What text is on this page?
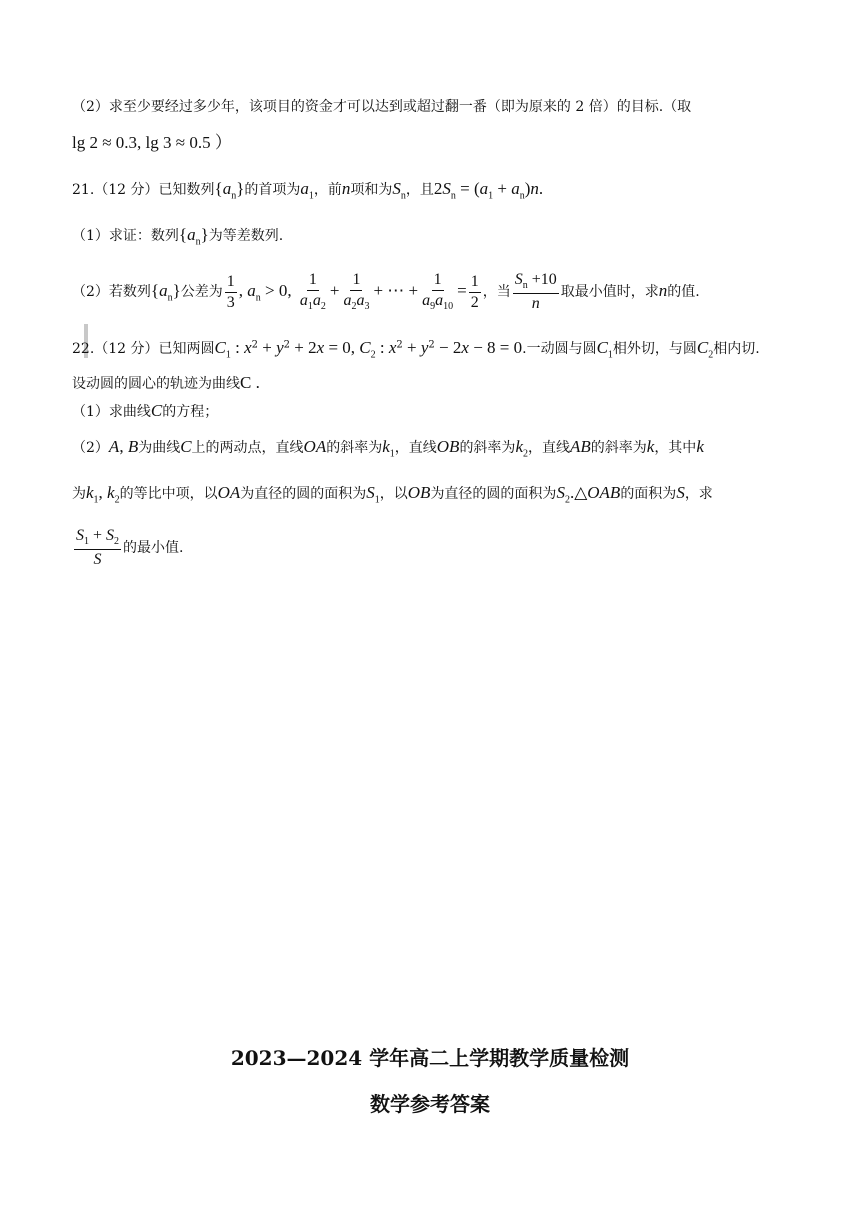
（2）求至少要经过多少年，该项目的资金才可以达到或超过翻一番（即为原来的 2 倍）的目标.（取
lg 2 ≈ 0.3, lg 3 ≈ 0.5 ）
21.（12 分）已知数列$\{a_n\}$的首项为$a_1$，前n项和为$S_n$，且$2S_n = (a_1 + a_n)n$.
（1）求证：数列$\{a_n\}$为等差数列.
（2）若数列$\{a_n\}$公差为 $\frac{1}{3}$ , $a_n > 0$, $\frac{1}{a_1a_2} + \frac{1}{a_2a_3}$ + ⋯ + $\frac{1}{a_9a_{10}} = \frac{1}{2}$ ，当 $\frac{S_n +10}{n}$ 取最小值时，求n的值.
22.（12 分）已知两圆$C_1$ : $x^2 + y^2 + 2x = 0$, $C_2$ : $x^2 + y^2 - 2x - 8 = 0$.一动圆与圆$C_1$相外切，与圆$C_2$相内切.
设动圆的圆心的轨迹为曲线C .
（1）求曲线C的方程；
（2）A, B为曲线C上的两动点，直线OA的斜率为$k_1$，直线OB的斜率为$k_2$，直线AB的斜率为k，其中k
为$k_1$, $k_2$的等比中项，以OA为直径的圆的面积为$S_1$，以OB为直径的圆的面积为$S_2.\triangle OAB$的面积为S，求
$\frac{S_1 + S_2}{S}$ 的最小值.
2023—2024 学年高二上学期教学质量检测
数学参考答案
